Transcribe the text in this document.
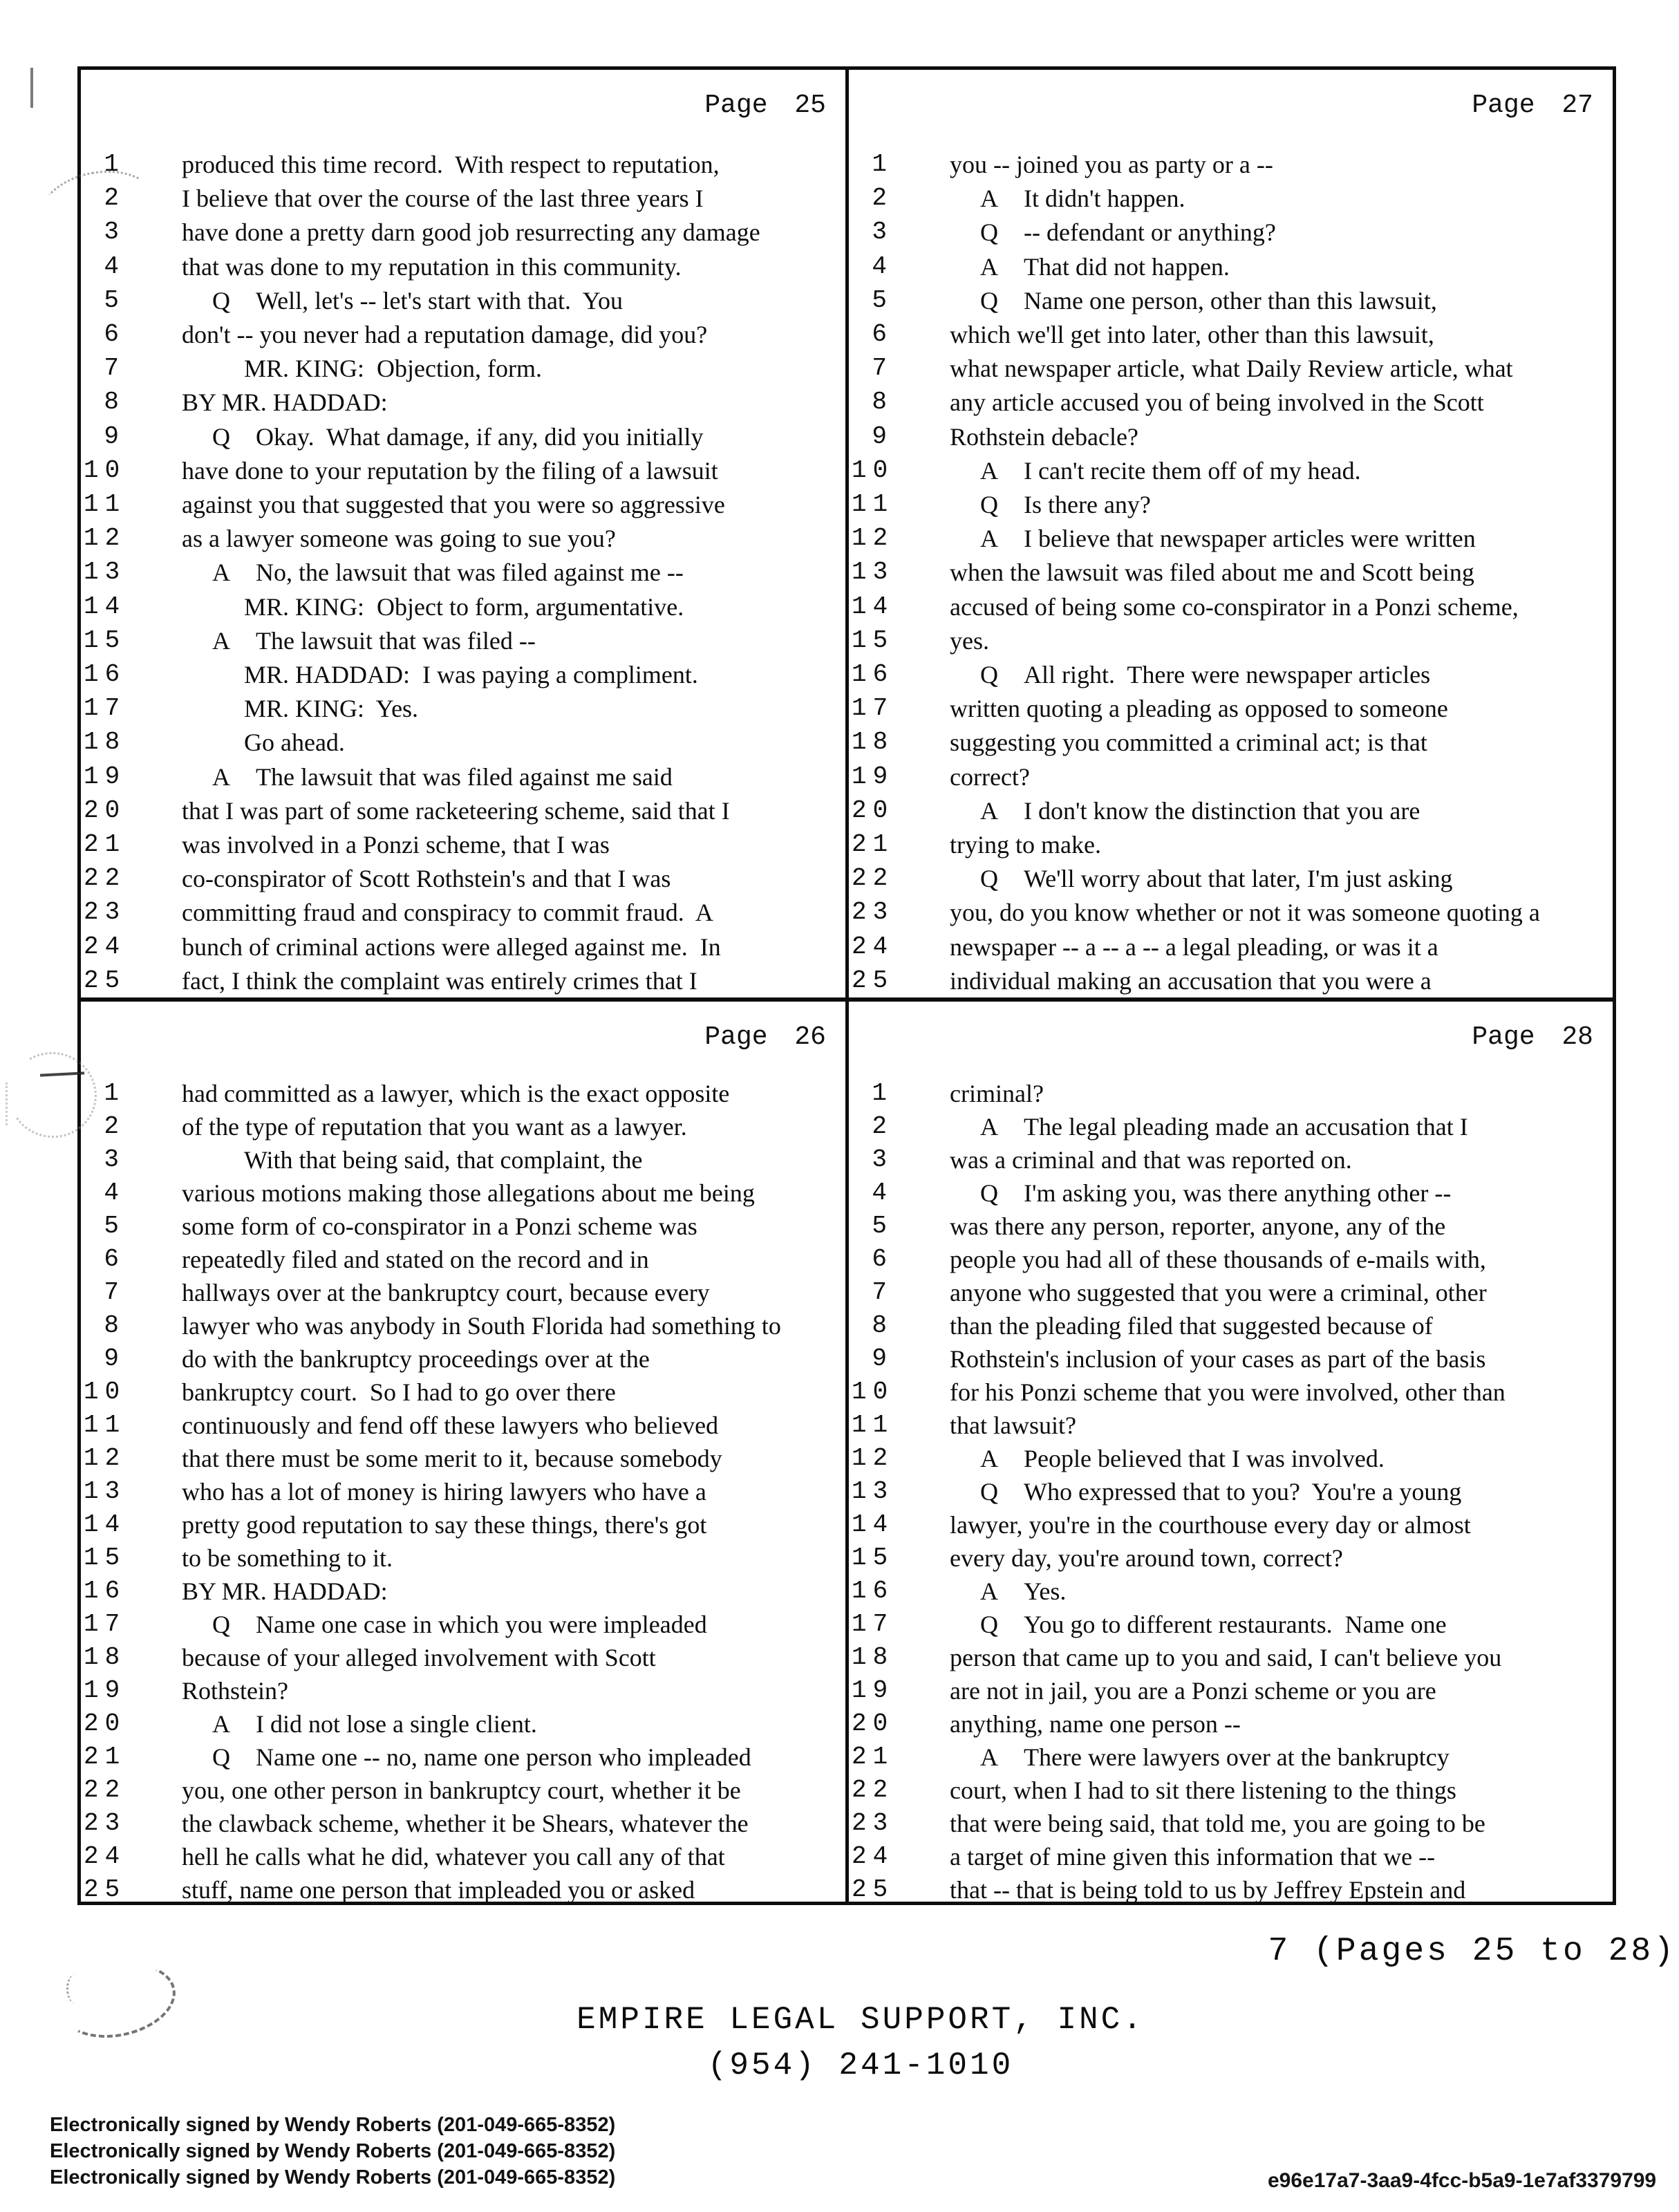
Page 25
1 produced this time record.  With respect to reputation,
2 I believe that over the course of the last three years I
3 have done a pretty darn good job resurrecting any damage
4 that was done to my reputation in this community.
5	Q Well, let's -- let's start with that.  You
6 don't -- you never had a reputation damage, did you?
7	MR. KING:  Objection, form.
8 BY MR. HADDAD:
9	Q Okay.  What damage, if any, did you initially
10 have done to your reputation by the filing of a lawsuit
11 against you that suggested that you were so aggressive
12 as a lawyer someone was going to sue you?
13	A No, the lawsuit that was filed against me --
14	MR. KING:  Object to form, argumentative.
15	A The lawsuit that was filed --
16	MR. HADDAD:  I was paying a compliment.
17	MR. KING:  Yes.
18	Go ahead.
19	A The lawsuit that was filed against me said
20 that I was part of some racketeering scheme, said that I
21 was involved in a Ponzi scheme, that I was
22 co-conspirator of Scott Rothstein's and that I was
23 committing fraud and conspiracy to commit fraud.  A
24 bunch of criminal actions were alleged against me.  In
25 fact, I think the complaint was entirely crimes that I
Page 27
1 you -- joined you as party or a --
2	A It didn't happen.
3	Q -- defendant or anything?
4	A That did not happen.
5	Q Name one person, other than this lawsuit,
6 which we'll get into later, other than this lawsuit,
7 what newspaper article, what Daily Review article, what
8 any article accused you of being involved in the Scott
9 Rothstein debacle?
10	A I can't recite them off of my head.
11	Q Is there any?
12	A I believe that newspaper articles were written
13 when the lawsuit was filed about me and Scott being
14 accused of being some co-conspirator in a Ponzi scheme,
15 yes.
16	Q All right.  There were newspaper articles
17 written quoting a pleading as opposed to someone
18 suggesting you committed a criminal act; is that
19 correct?
20	A I don't know the distinction that you are
21 trying to make.
22	Q We'll worry about that later, I'm just asking
23 you, do you know whether or not it was someone quoting a
24 newspaper -- a -- a -- a legal pleading, or was it a
25 individual making an accusation that you were a
Page 26
1 had committed as a lawyer, which is the exact opposite
2 of the type of reputation that you want as a lawyer.
3	With that being said, that complaint, the
4 various motions making those allegations about me being
5 some form of co-conspirator in a Ponzi scheme was
6 repeatedly filed and stated on the record and in
7 hallways over at the bankruptcy court, because every
8 lawyer who was anybody in South Florida had something to
9 do with the bankruptcy proceedings over at the
10 bankruptcy court.  So I had to go over there
11 continuously and fend off these lawyers who believed
12 that there must be some merit to it, because somebody
13 who has a lot of money is hiring lawyers who have a
14 pretty good reputation to say these things, there's got
15 to be something to it.
16 BY MR. HADDAD:
17	Q Name one case in which you were impleaded
18 because of your alleged involvement with Scott
19 Rothstein?
20	A I did not lose a single client.
21	Q Name one -- no, name one person who impleaded
22 you, one other person in bankruptcy court, whether it be
23 the clawback scheme, whether it be Shears, whatever the
24 hell he calls what he did, whatever you call any of that
25 stuff, name one person that impleaded you or asked
Page 28
1 criminal?
2	A The legal pleading made an accusation that I
3 was a criminal and that was reported on.
4	Q I'm asking you, was there anything other --
5 was there any person, reporter, anyone, any of the
6 people you had all of these thousands of e-mails with,
7 anyone who suggested that you were a criminal, other
8 than the pleading filed that suggested because of
9 Rothstein's inclusion of your cases as part of the basis
10 for his Ponzi scheme that you were involved, other than
11 that lawsuit?
12	A People believed that I was involved.
13	Q Who expressed that to you?  You're a young
14 lawyer, you're in the courthouse every day or almost
15 every day, you're around town, correct?
16	A Yes.
17	Q You go to different restaurants.  Name one
18 person that came up to you and said, I can't believe you
19 are not in jail, you are a Ponzi scheme or you are
20 anything, name one person --
21	A There were lawyers over at the bankruptcy
22 court, when I had to sit there listening to the things
23 that were being said, that told me, you are going to be
24 a target of mine given this information that we --
25 that -- that is being told to us by Jeffrey Epstein and
7 (Pages 25 to 28)
EMPIRE LEGAL SUPPORT, INC.
(954) 241-1010
Electronically signed by Wendy Roberts (201-049-665-8352)
Electronically signed by Wendy Roberts (201-049-665-8352)
Electronically signed by Wendy Roberts (201-049-665-8352)	e96e17a7-3aa9-4fcc-b5a9-1e7af3379799
